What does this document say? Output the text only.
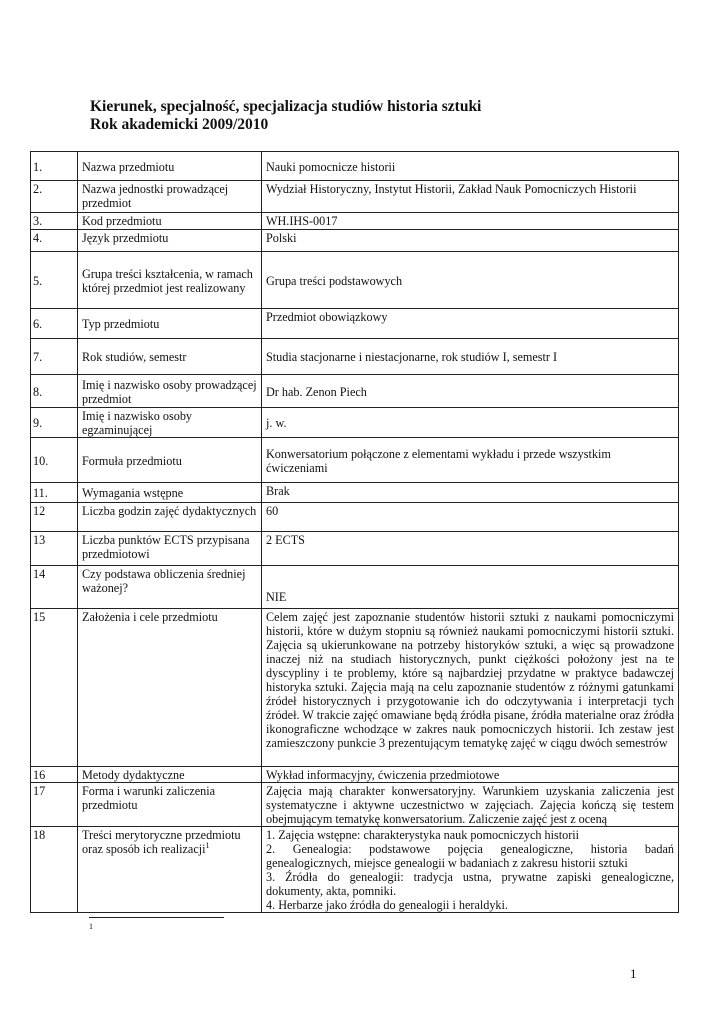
Kierunek, specjalność, specjalizacja studiów historia sztuki
Rok akademicki 2009/2010
1.	Nazwa przedmiotu	Nauki pomocnicze historii
2.	Nazwa jednostki prowadzącej przedmiot	Wydział Historyczny, Instytut Historii, Zakład Nauk Pomocniczych Historii
3.	Kod przedmiotu	WH.IHS-0017
4.	Język przedmiotu	Polski
5.	Grupa treści kształcenia, w ramach której przedmiot jest realizowany	Grupa treści podstawowych
6.	Typ przedmiotu	Przedmiot obowiązkowy
7.	Rok studiów, semestr	Studia stacjonarne i niestacjonarne, rok studiów I, semestr I
8.	Imię i nazwisko osoby prowadzącej przedmiot	Dr hab. Zenon Piech
9.	Imię i nazwisko osoby egzaminującej	j. w.
10.	Formuła przedmiotu	Konwersatorium połączone z elementami wykładu i przede wszystkim ćwiczeniami
11.	Wymagania wstępne	Brak
12	Liczba godzin zajęć dydaktycznych	60
13	Liczba punktów ECTS przypisana przedmiotowi	2 ECTS
14	Czy podstawa obliczenia średniej ważonej?	NIE
15	Założenia i cele przedmiotu	Celem zajęć jest zapoznanie studentów historii sztuki z naukami pomocniczymi historii, które w dużym stopniu są również naukami pomocniczymi historii sztuki. Zajęcia są ukierunkowane na potrzeby historyków sztuki, a więc są prowadzone inaczej niż na studiach historycznych, punkt ciężkości położony jest na te dyscypliny i te problemy, które są najbardziej przydatne w praktyce badawczej historyka sztuki. Zajęcia mają na celu zapoznanie studentów z różnymi gatunkami źródeł historycznych i przygotowanie ich do odczytywania i interpretacji tych źródeł. W trakcie zajęć omawiane będą źródła pisane, źródła materialne oraz źródła ikonograficzne wchodzące w zakres nauk pomocniczych historii. Ich zestaw jest zamieszczony punkcie 3 prezentującym tematykę zajęć w ciągu dwóch semestrów
16	Metody dydaktyczne	Wykład informacyjny, ćwiczenia przedmiotowe
17	Forma i warunki zaliczenia przedmiotu	Zajęcia mają charakter konwersatoryjny. Warunkiem uzyskania zaliczenia jest systematyczne i aktywne uczestnictwo w zajęciach. Zajęcia kończą się testem obejmującym tematykę konwersatorium. Zaliczenie zajęć jest z oceną
18	Treści merytoryczne przedmiotu oraz sposób ich realizacji$^1$	1. Zajęcia wstępne: charakterystyka nauk pomocniczych historii
2. Genealogia: podstawowe pojęcia genealogiczne, historia badań genealogicznych, miejsce genealogii w badaniach z zakresu historii sztuki
3. Źródła do genealogii: tradycja ustna, prywatne zapiski genealogiczne, dokumenty, akta, pomniki.
4. Herbarze jako źródła do genealogii i heraldyki.
1
1
